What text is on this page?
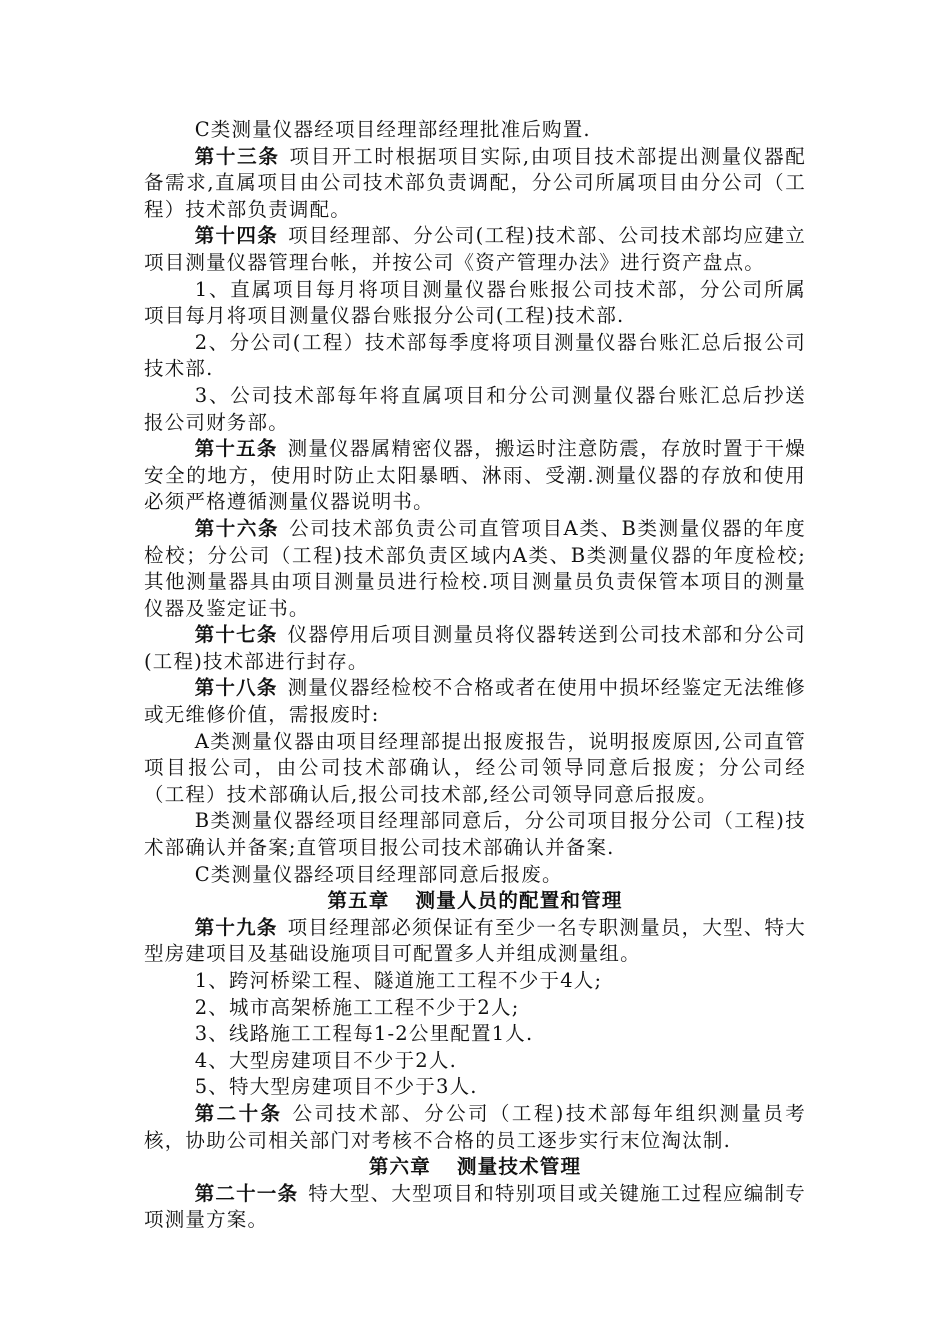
C类测量仪器经项目经理部经理批准后购置.

第十三条 项目开工时根据项目实际,由项目技术部提出测量仪器配备需求,直属项目由公司技术部负责调配，分公司所属项目由分公司（工程）技术部负责调配。

第十四条 项目经理部、分公司(工程)技术部、公司技术部均应建立项目测量仪器管理台帐，并按公司《资产管理办法》进行资产盘点。

1、直属项目每月将项目测量仪器台账报公司技术部，分公司所属项目每月将项目测量仪器台账报分公司(工程)技术部.

2、分公司(工程）技术部每季度将项目测量仪器台账汇总后报公司技术部.

3、公司技术部每年将直属项目和分公司测量仪器台账汇总后抄送报公司财务部。

第十五条 测量仪器属精密仪器，搬运时注意防震，存放时置于干燥安全的地方，使用时防止太阳暴晒、淋雨、受潮.测量仪器的存放和使用必须严格遵循测量仪器说明书。

第十六条 公司技术部负责公司直管项目A类、B类测量仪器的年度检校；分公司（工程)技术部负责区域内A类、B类测量仪器的年度检校;其他测量器具由项目测量员进行检校.项目测量员负责保管本项目的测量仪器及鉴定证书。

第十七条 仪器停用后项目测量员将仪器转送到公司技术部和分公司(工程)技术部进行封存。

第十八条 测量仪器经检校不合格或者在使用中损坏经鉴定无法维修或无维修价值，需报废时:

A类测量仪器由项目经理部提出报废报告，说明报废原因,公司直管项目报公司，由公司技术部确认，经公司领导同意后报废；分公司经（工程）技术部确认后,报公司技术部,经公司领导同意后报废。

B类测量仪器经项目经理部同意后，分公司项目报分公司（工程)技术部确认并备案;直管项目报公司技术部确认并备案.

C类测量仪器经项目经理部同意后报废。

第五章 测量人员的配置和管理

第十九条 项目经理部必须保证有至少一名专职测量员，大型、特大型房建项目及基础设施项目可配置多人并组成测量组。

1、跨河桥梁工程、隧道施工工程不少于4人;

2、城市高架桥施工工程不少于2人;

3、线路施工工程每1-2公里配置1人.

4、大型房建项目不少于2人.

5、特大型房建项目不少于3人.

第二十条 公司技术部、分公司（工程)技术部每年组织测量员考核，协助公司相关部门对考核不合格的员工逐步实行末位淘汰制.

第六章 测量技术管理

第二十一条 特大型、大型项目和特别项目或关键施工过程应编制专项测量方案。
